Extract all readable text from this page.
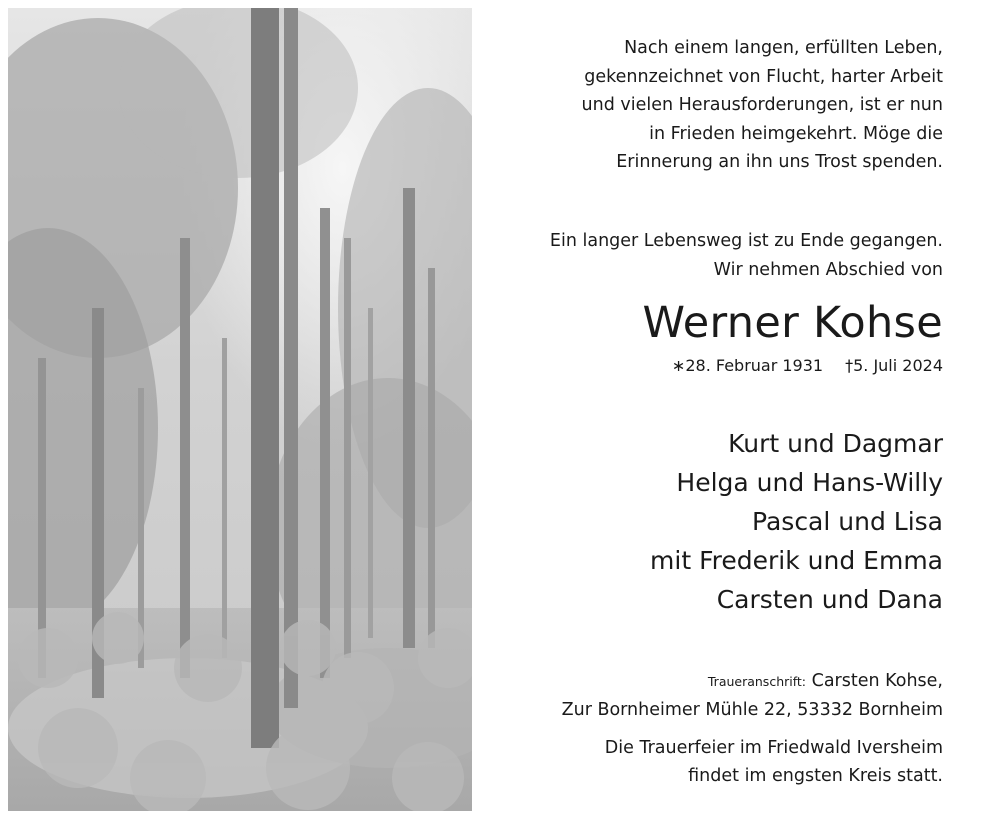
Nach einem langen, erfüllten Leben,
gekennzeichnet von Flucht, harter Arbeit
und vielen Herausforderungen, ist er nun
in Frieden heimgekehrt. Möge die
Erinnerung an ihn uns Trost spenden.
Ein langer Lebensweg ist zu Ende gegangen.
Wir nehmen Abschied von
Werner Kohse
∗28. Februar 1931 †5. Juli 2024
Kurt und Dagmar
Helga und Hans-Willy
Pascal und Lisa
mit Frederik und Emma
Carsten und Dana
Traueranschrift: Carsten Kohse,
Zur Bornheimer Mühle 22, 53332 Bornheim
Die Trauerfeier im Friedwald Iversheim
findet im engsten Kreis statt.
